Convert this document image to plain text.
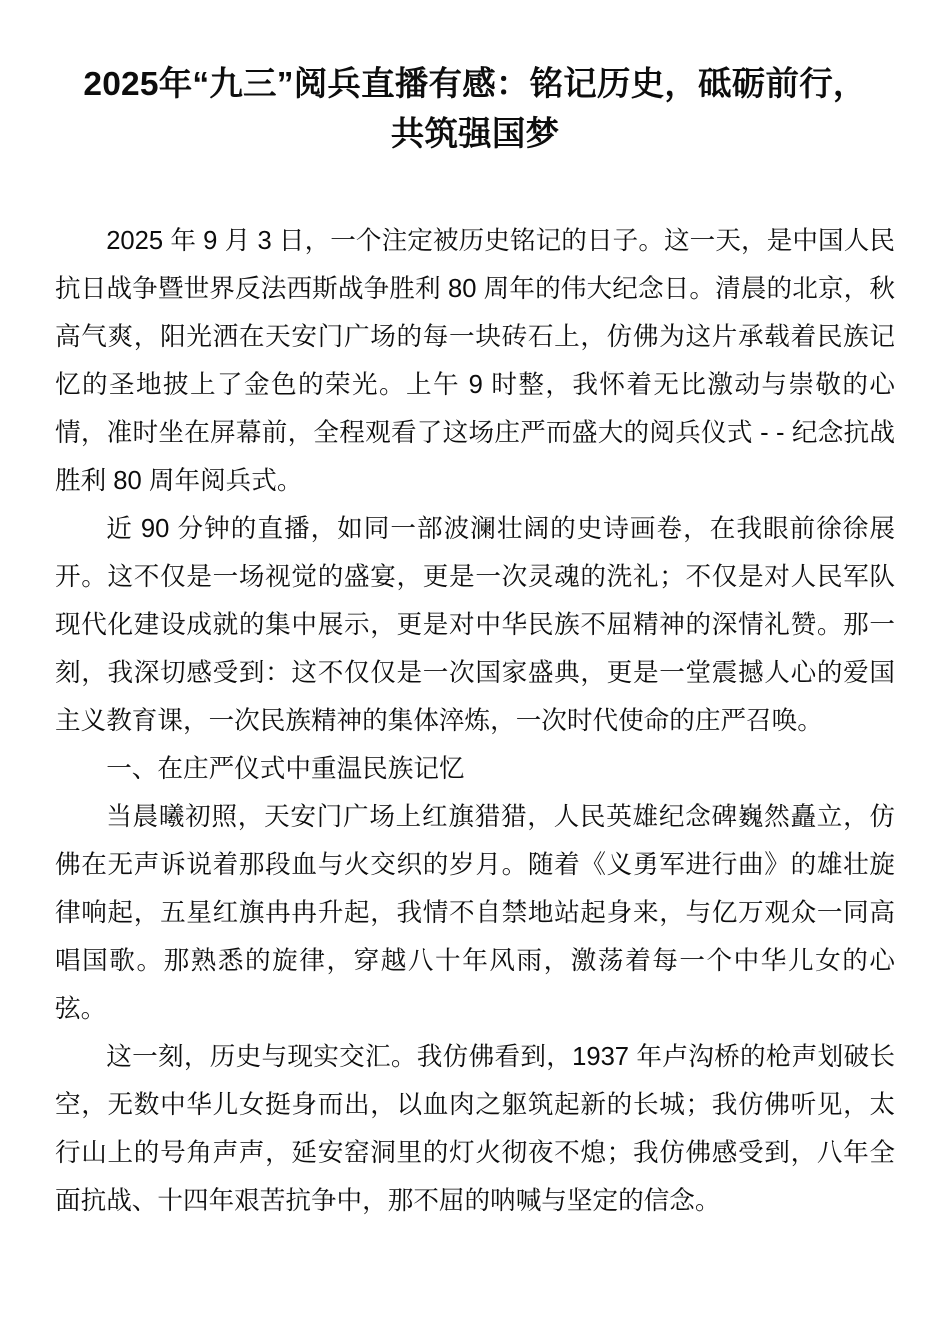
2025年“九三”阅兵直播有感：铭记历史，砥砺前行，共筑强国梦

2025 年 9 月 3 日，一个注定被历史铭记的日子。这一天，是中国人民抗日战争暨世界反法西斯战争胜利 80 周年的伟大纪念日。清晨的北京，秋高气爽，阳光洒在天安门广场的每一块砖石上，仿佛为这片承载着民族记忆的圣地披上了金色的荣光。上午 9 时整，我怀着无比激动与崇敬的心情，准时坐在屏幕前，全程观看了这场庄严而盛大的阅兵仪式 - - 纪念抗战胜利 80 周年阅兵式。

近 90 分钟的直播，如同一部波澜壮阔的史诗画卷，在我眼前徐徐展开。这不仅是一场视觉的盛宴，更是一次灵魂的洗礼；不仅是对人民军队现代化建设成就的集中展示，更是对中华民族不屈精神的深情礼赞。那一刻，我深切感受到：这不仅仅是一次国家盛典，更是一堂震撼人心的爱国主义教育课，一次民族精神的集体淬炼，一次时代使命的庄严召唤。

一、在庄严仪式中重温民族记忆

当晨曦初照，天安门广场上红旗猎猎，人民英雄纪念碑巍然矗立，仿佛在无声诉说着那段血与火交织的岁月。随着《义勇军进行曲》的雄壮旋律响起，五星红旗冉冉升起，我情不自禁地站起身来，与亿万观众一同高唱国歌。那熟悉的旋律，穿越八十年风雨，激荡着每一个中华儿女的心弦。

这一刻，历史与现实交汇。我仿佛看到，1937 年卢沟桥的枪声划破长空，无数中华儿女挺身而出，以血肉之躯筑起新的长城；我仿佛听见，太行山上的号角声声，延安窑洞里的灯火彻夜不熄；我仿佛感受到，八年全面抗战、十四年艰苦抗争中，那不屈的呐喊与坚定的信念。
